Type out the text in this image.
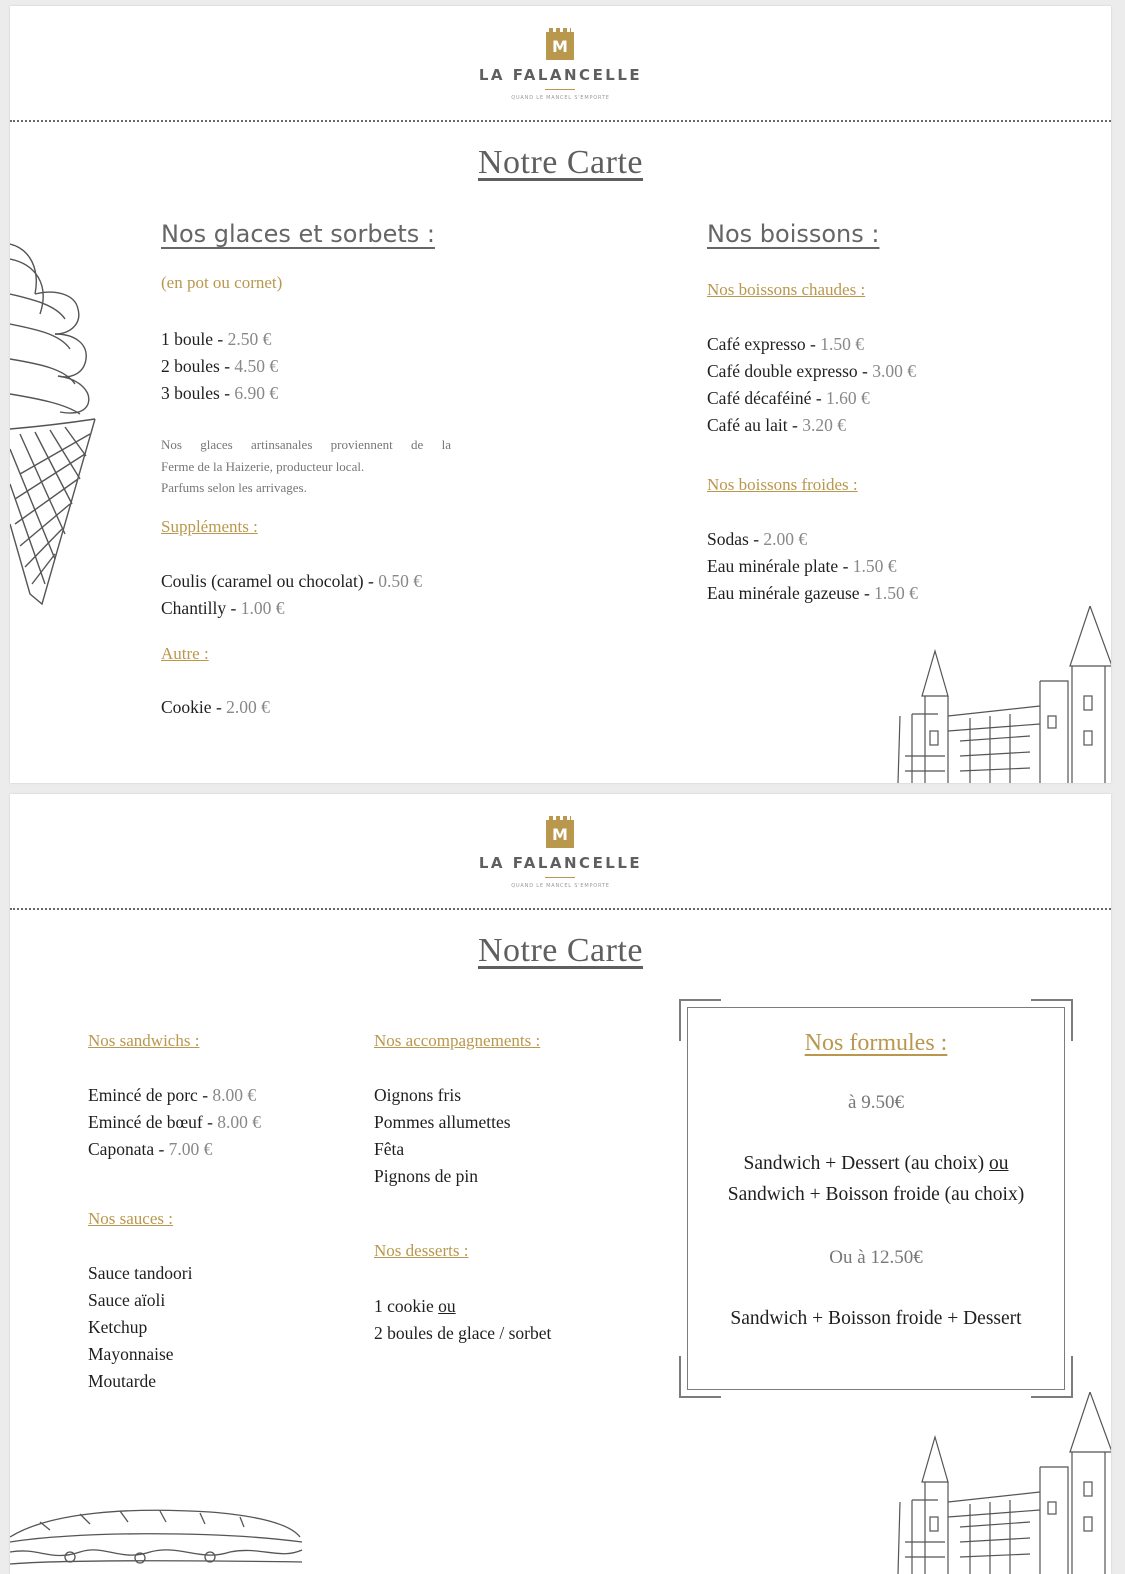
M
LA FALANCELLE
QUAND LE MANCEL S'EMPORTE
Notre Carte
Nos glaces et sorbets :
(en pot ou cornet)
1 boule - 2.50 €
2 boules - 4.50 €
3 boules - 6.90 €
Nos glaces artinsanales proviennent de la
Ferme de la Haizerie, producteur local.
Parfums selon les arrivages.
Suppléments :
Coulis (caramel ou chocolat) - 0.50 €
Chantilly - 1.00 €
Autre :
Cookie - 2.00 €
Nos boissons :
Nos boissons chaudes :
Café expresso - 1.50 €
Café double expresso - 3.00 €
Café décaféiné - 1.60 €
Café au lait - 3.20 €
Nos boissons froides :
Sodas - 2.00 €
Eau minérale plate - 1.50 €
Eau minérale gazeuse - 1.50 €
M
LA FALANCELLE
QUAND LE MANCEL S'EMPORTE
Notre Carte
Nos sandwichs :
Emincé de porc - 8.00 €
Emincé de bœuf - 8.00 €
Caponata - 7.00 €
Nos sauces :
Sauce tandoori
Sauce aïoli
Ketchup
Mayonnaise
Moutarde
Nos accompagnements :
Oignons fris
Pommes allumettes
Fêta
Pignons de pin
Nos desserts :
1 cookie ou
2 boules de glace / sorbet
Nos formules :
à 9.50€
Sandwich + Dessert (au choix) ou
Sandwich + Boisson froide (au choix)
Ou à 12.50€
Sandwich + Boisson froide + Dessert
